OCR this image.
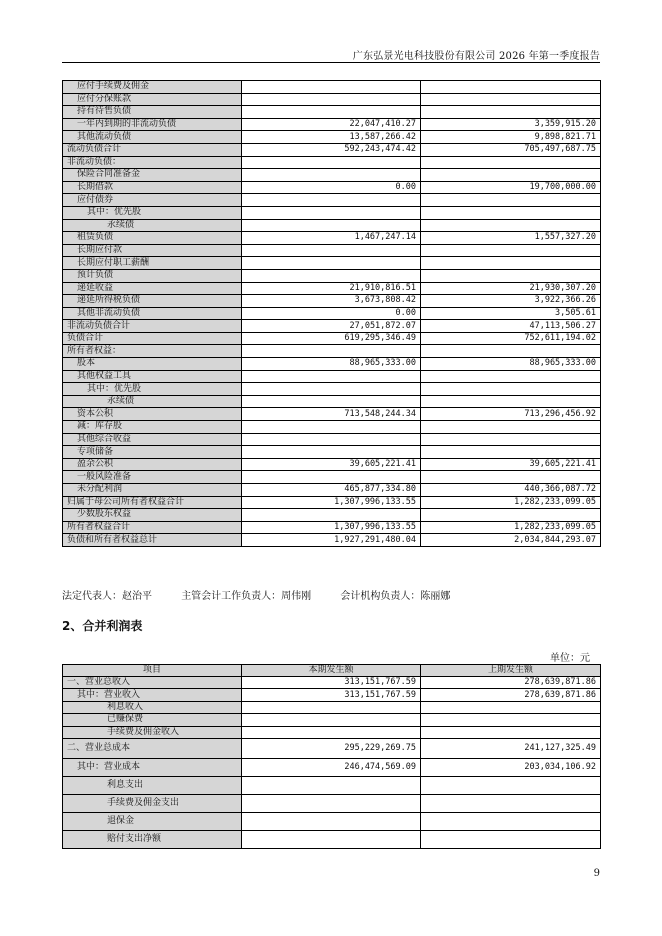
广东弘景光电科技股份有限公司 2026 年第一季度报告
应付手续费及佣金		
应付分保账款		
持有待售负债		
一年内到期的非流动负债	22,047,410.27	3,359,915.20
其他流动负债	13,587,266.42	9,898,821.71
流动负债合计	592,243,474.42	705,497,687.75
非流动负债：		
保险合同准备金		
长期借款	0.00	19,700,000.00
应付债券		
其中：优先股		
永续债		
租赁负债	1,467,247.14	1,557,327.20
长期应付款		
长期应付职工薪酬		
预计负债		
递延收益	21,910,816.51	21,930,307.20
递延所得税负债	3,673,808.42	3,922,366.26
其他非流动负债	0.00	3,505.61
非流动负债合计	27,051,872.07	47,113,506.27
负债合计	619,295,346.49	752,611,194.02
所有者权益：		
股本	88,965,333.00	88,965,333.00
其他权益工具		
其中：优先股		
永续债		
资本公积	713,548,244.34	713,296,456.92
减：库存股		
其他综合收益		
专项储备		
盈余公积	39,605,221.41	39,605,221.41
一般风险准备		
未分配利润	465,877,334.80	440,366,087.72
归属于母公司所有者权益合计	1,307,996,133.55	1,282,233,099.05
少数股东权益		
所有者权益合计	1,307,996,133.55	1,282,233,099.05
负债和所有者权益总计	1,927,291,480.04	2,034,844,293.07
法定代表人：赵治平	主管会计工作负责人：周伟刚	会计机构负责人：陈丽娜
2、合并利润表
单位：元
项目	本期发生额	上期发生额
一、营业总收入	313,151,767.59	278,639,871.86
其中：营业收入	313,151,767.59	278,639,871.86
利息收入		
已赚保费		
手续费及佣金收入		
二、营业总成本	295,229,269.75	241,127,325.49
其中：营业成本	246,474,569.09	203,034,106.92
利息支出		
手续费及佣金支出		
退保金		
赔付支出净额		
9
